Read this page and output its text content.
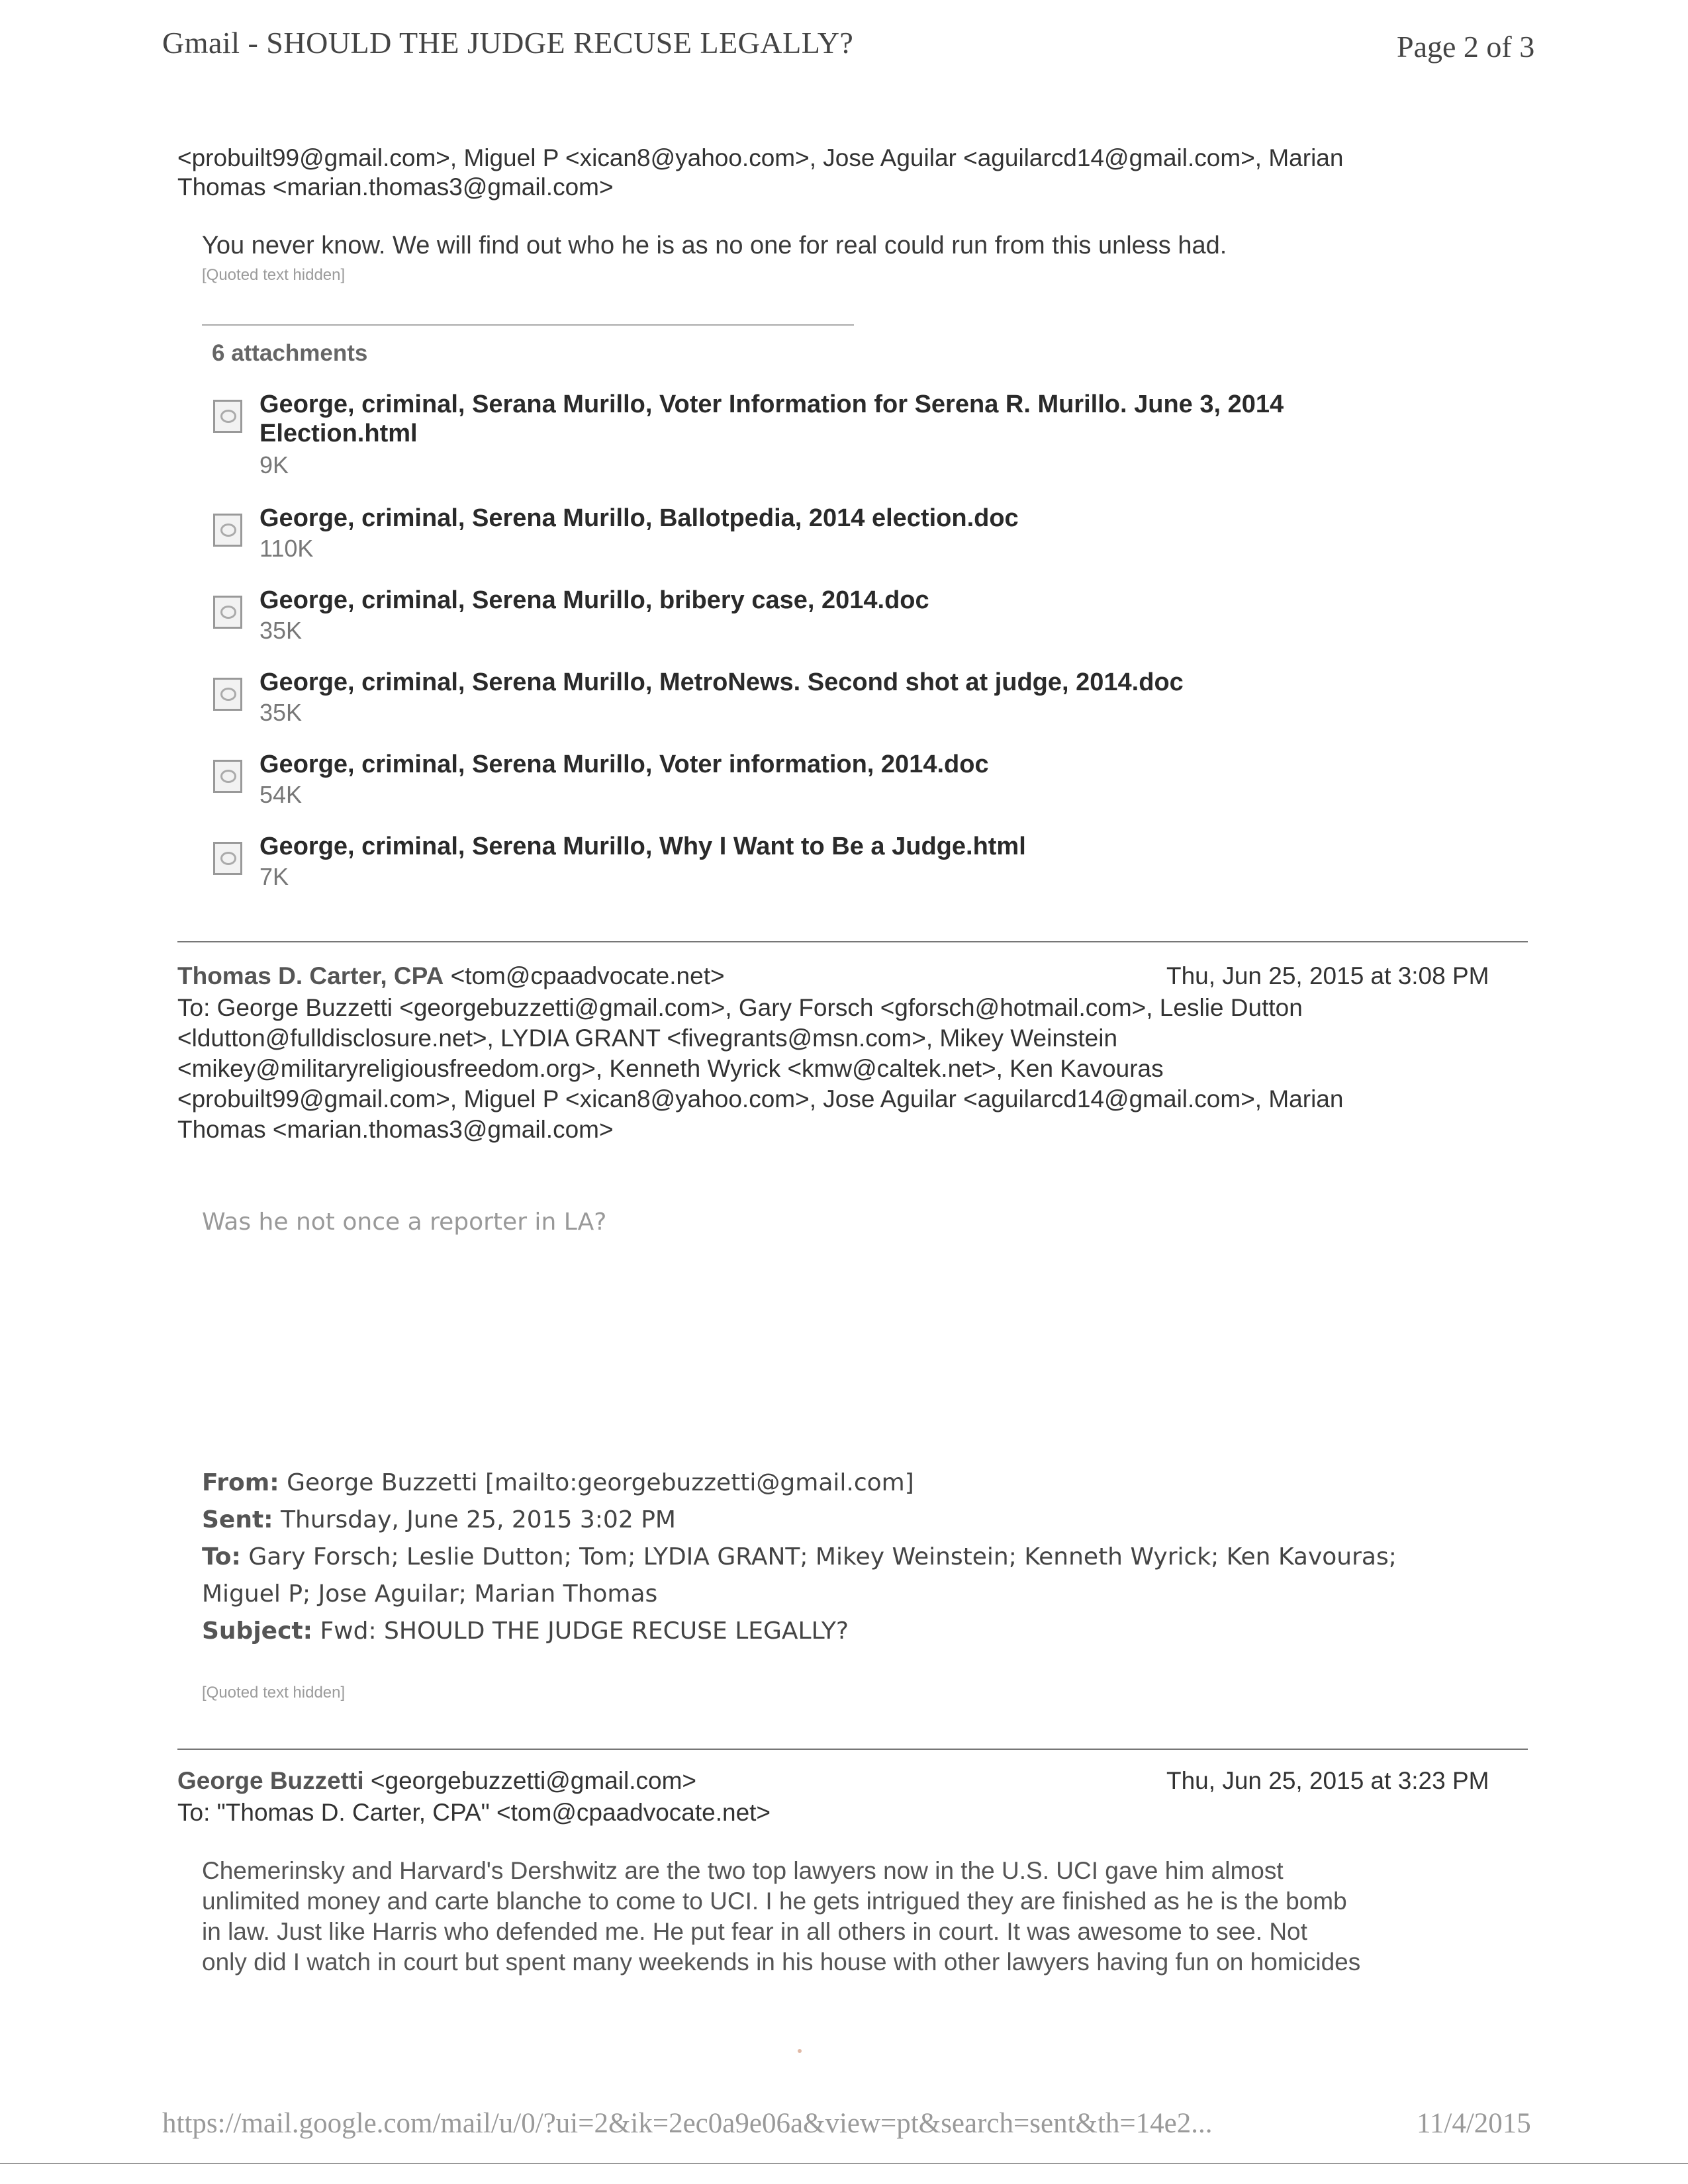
Gmail - SHOULD THE JUDGE RECUSE LEGALLY?	Page 2 of 3
<probuilt99@gmail.com>, Miguel P <xican8@yahoo.com>, Jose Aguilar <aguilarcd14@gmail.com>, Marian
Thomas <marian.thomas3@gmail.com>
You never know. We will find out who he is as no one for real could run from this unless had.
[Quoted text hidden]
6 attachments
George, criminal, Serana Murillo, Voter Information for Serena R. Murillo. June 3, 2014
Election.html
9K
George, criminal, Serena Murillo, Ballotpedia, 2014 election.doc
110K
George, criminal, Serena Murillo, bribery case, 2014.doc
35K
George, criminal, Serena Murillo, MetroNews. Second shot at judge, 2014.doc
35K
George, criminal, Serena Murillo, Voter information, 2014.doc
54K
George, criminal, Serena Murillo, Why I Want to Be a Judge.html
7K
Thomas D. Carter, CPA <tom@cpaadvocate.net>	Thu, Jun 25, 2015 at 3:08 PM
To: George Buzzetti <georgebuzzetti@gmail.com>, Gary Forsch <gforsch@hotmail.com>, Leslie Dutton
<ldutton@fulldisclosure.net>, LYDIA GRANT <fivegrants@msn.com>, Mikey Weinstein
<mikey@militaryreligiousfreedom.org>, Kenneth Wyrick <kmw@caltek.net>, Ken Kavouras
<probuilt99@gmail.com>, Miguel P <xican8@yahoo.com>, Jose Aguilar <aguilarcd14@gmail.com>, Marian
Thomas <marian.thomas3@gmail.com>
Was he not once a reporter in LA?
From: George Buzzetti [mailto:georgebuzzetti@gmail.com]
Sent: Thursday, June 25, 2015 3:02 PM
To: Gary Forsch; Leslie Dutton; Tom; LYDIA GRANT; Mikey Weinstein; Kenneth Wyrick; Ken Kavouras;
Miguel P; Jose Aguilar; Marian Thomas
Subject: Fwd: SHOULD THE JUDGE RECUSE LEGALLY?
[Quoted text hidden]
George Buzzetti <georgebuzzetti@gmail.com>	Thu, Jun 25, 2015 at 3:23 PM
To: "Thomas D. Carter, CPA" <tom@cpaadvocate.net>
Chemerinsky and Harvard's Dershwitz are the two top lawyers now in the U.S. UCI gave him almost
unlimited money and carte blanche to come to UCI. I he gets intrigued they are finished as he is the bomb
in law. Just like Harris who defended me. He put fear in all others in court. It was awesome to see. Not
only did I watch in court but spent many weekends in his house with other lawyers having fun on homicides
https://mail.google.com/mail/u/0/?ui=2&ik=2ec0a9e06a&view=pt&search=sent&th=14e2...	11/4/2015
